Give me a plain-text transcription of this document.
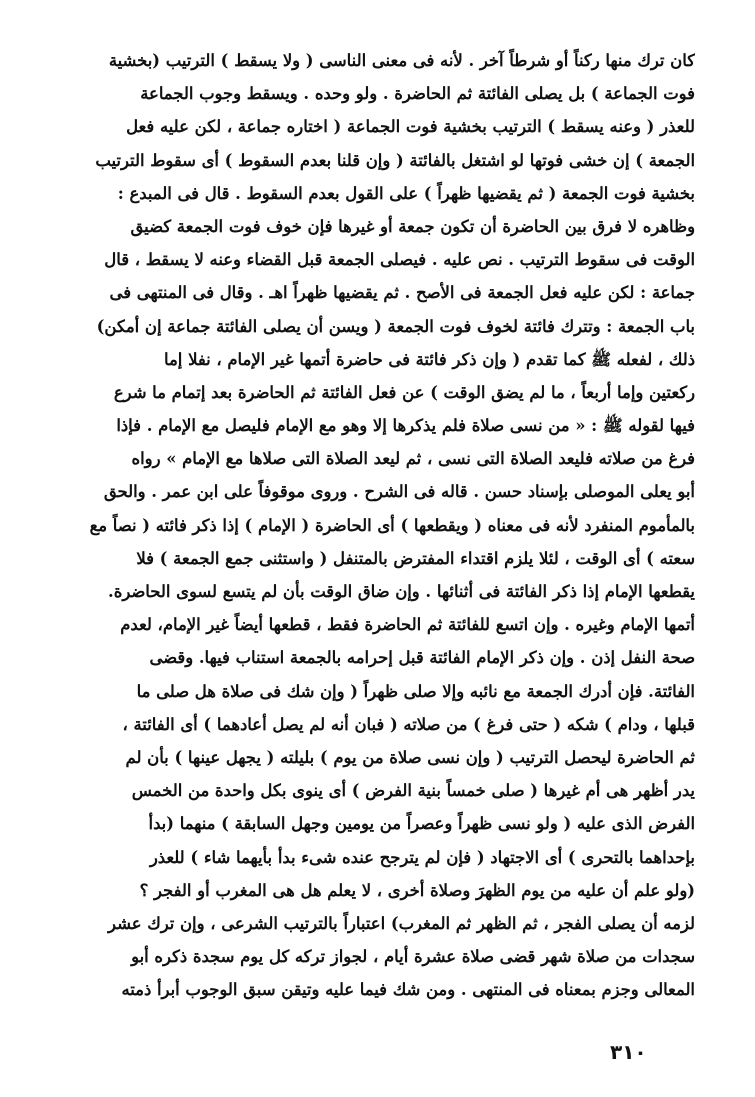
كان ترك منها ركناً أو شرطاً آخر . لأنه فى معنى الناسى ( ولا يسقط ) الترتيب (بخشية
فوت الجماعة ) بل يصلى الفائتة ثم الحاضرة . ولو وحده . ويسقط وجوب الجماعة
للعذر ( وعنه يسقط ) الترتيب بخشية فوت الجماعة ( اختاره جماعة ، لكن عليه فعل
الجمعة ) إن خشى فوتها لو اشتغل بالفائتة ( وإن قلنا بعدم السقوط ) أى سقوط الترتيب
بخشية فوت الجمعة ( ثم يقضيها ظهراً ) على القول بعدم السقوط . قال فى المبدع :
وظاهره لا فرق بين الحاضرة أن تكون جمعة أو غيرها فإن خوف فوت الجمعة كضيق
الوقت فى سقوط الترتيب . نص عليه . فيصلى الجمعة قبل القضاء وعنه لا يسقط ، قال
جماعة : لكن عليه فعل الجمعة فى الأصح . ثم يقضيها ظهراً اهـ . وقال فى المنتهى فى
باب الجمعة : وتترك فائتة لخوف فوت الجمعة ( ويسن أن يصلى الفائتة جماعة إن أمكن)
ذلك ، لفعله ﷺ كما تقدم ( وإن ذكر فائتة فى حاضرة أتمها غير الإمام ، نفلا إما
ركعتين وإما أربعاً ، ما لم يضق الوقت ) عن فعل الفائتة ثم الحاضرة بعد إتمام ما شرع
فيها لقوله ﷺ : « من نسى صلاة فلم يذكرها إلا وهو مع الإمام فليصل مع الإمام . فإذا
فرغ من صلاته فليعد الصلاة التى نسى ، ثم ليعد الصلاة التى صلاها مع الإمام » رواه
أبو يعلى الموصلى بإسناد حسن . قاله فى الشرح . وروى موقوفاً على ابن عمر . والحق
بالمأموم المنفرد لأنه فى معناه ( ويقطعها ) أى الحاضرة ( الإمام ) إذا ذكر فائته ( نصاً مع
سعته ) أى الوقت ، لئلا يلزم اقتداء المفترض بالمتنفل ( واستثنى جمع الجمعة ) فلا
يقطعها الإمام إذا ذكر الفائتة فى أثنائها . وإن ضاق الوقت بأن لم يتسع لسوى الحاضرة.
أتمها الإمام وغيره . وإن اتسع للفائتة ثم الحاضرة فقط ، قطعها أيضاً غير الإمام، لعدم
صحة النفل إذن . وإن ذكر الإمام الفائتة قبل إحرامه بالجمعة استناب فيها. وقضى
الفائتة. فإن أدرك الجمعة مع نائبه وإلا صلى ظهراً ( وإن شك فى صلاة هل صلى ما
قبلها ، ودام ) شكه ( حتى فرغ ) من صلاته ( فبان أنه لم يصل أعادهما ) أى الفائتة ،
ثم الحاضرة ليحصل الترتيب ( وإن نسى صلاة من يوم ) بليلته ( يجهل عينها ) بأن لم
يدر أظهر هى أم غيرها ( صلى خمساً بنية الفرض ) أى ينوى بكل واحدة من الخمس
الفرض الذى عليه ( ولو نسى ظهراً وعصراً من يومين وجهل السابقة ) منهما (بدأ
بإحداهما بالتحرى ) أى الاجتهاد ( فإن لم يترجح عنده شىء بدأ بأيهما شاء ) للعذر
(ولو علم أن عليه من يوم الظهرَ وصلاة أخرى ، لا يعلم هل هى المغرب أو الفجر ؟
لزمه أن يصلى الفجر ، ثم الظهر ثم المغرب) اعتباراً بالترتيب الشرعى ، وإن ترك عشر
سجدات من صلاة شهر قضى صلاة عشرة أيام ، لجواز تركه كل يوم سجدة ذكره أبو
المعالى وجزم بمعناه فى المنتهى . ومن شك فيما عليه وتيقن سبق الوجوب أبرأ ذمته
٣١٠
